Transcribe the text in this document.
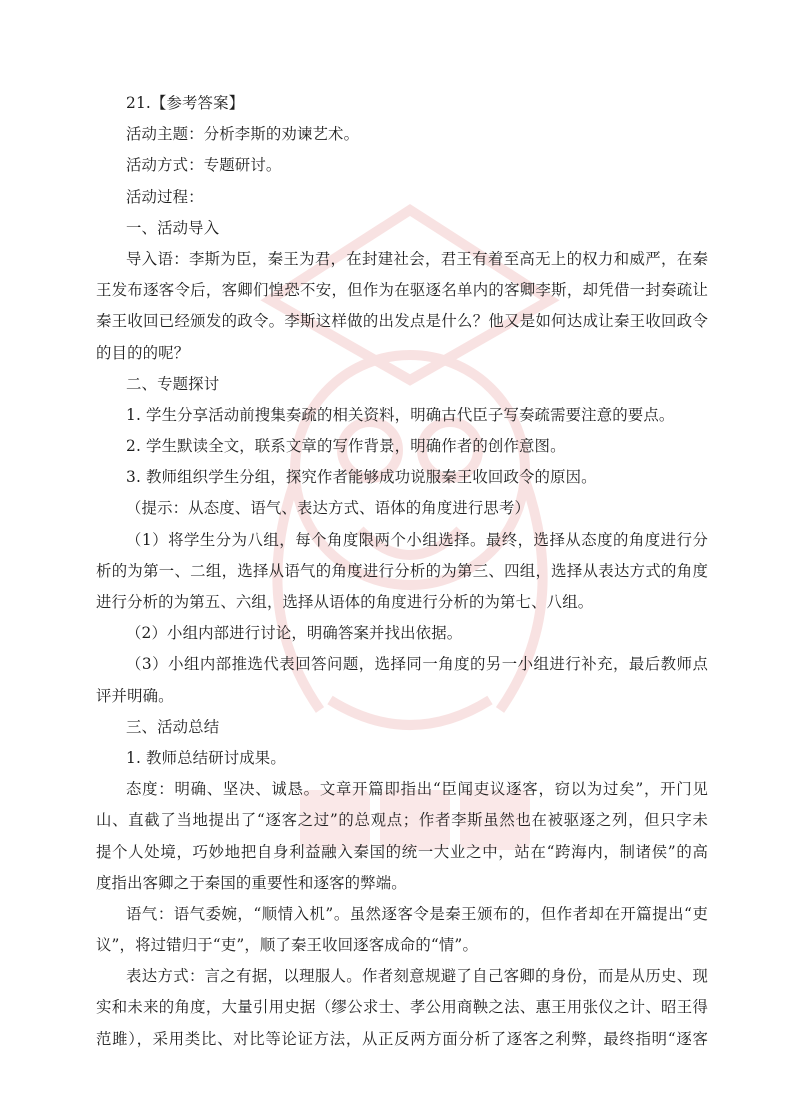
21.【参考答案】
活动主题：分析李斯的劝谏艺术。
活动方式：专题研讨。
活动过程：
一、活动导入
导入语：李斯为臣，秦王为君，在封建社会，君王有着至高无上的权力和威严，在秦
王发布逐客令后，客卿们惶恐不安，但作为在驱逐名单内的客卿李斯，却凭借一封奏疏让
秦王收回已经颁发的政令。李斯这样做的出发点是什么？他又是如何达成让秦王收回政令
的目的的呢？
二、专题探讨
1. 学生分享活动前搜集奏疏的相关资料，明确古代臣子写奏疏需要注意的要点。
2. 学生默读全文，联系文章的写作背景，明确作者的创作意图。
3. 教师组织学生分组，探究作者能够成功说服秦王收回政令的原因。
（提示：从态度、语气、表达方式、语体的角度进行思考）
（1）将学生分为八组，每个角度限两个小组选择。最终，选择从态度的角度进行分
析的为第一、二组，选择从语气的角度进行分析的为第三、四组，选择从表达方式的角度
进行分析的为第五、六组，选择从语体的角度进行分析的为第七、八组。
（2）小组内部进行讨论，明确答案并找出依据。
（3）小组内部推选代表回答问题，选择同一角度的另一小组进行补充，最后教师点
评并明确。
三、活动总结
1. 教师总结研讨成果。
态度：明确、坚决、诚恳。文章开篇即指出“臣闻吏议逐客，窃以为过矣”，开门见
山、直截了当地提出了“逐客之过”的总观点；作者李斯虽然也在被驱逐之列，但只字未
提个人处境，巧妙地把自身利益融入秦国的统一大业之中，站在“跨海内，制诸侯”的高
度指出客卿之于秦国的重要性和逐客的弊端。
语气：语气委婉，“顺情入机”。虽然逐客令是秦王颁布的，但作者却在开篇提出“吏
议”，将过错归于“吏”，顺了秦王收回逐客成命的“情”。
表达方式：言之有据，以理服人。作者刻意规避了自己客卿的身份，而是从历史、现
实和未来的角度，大量引用史据（缪公求士、孝公用商鞅之法、惠王用张仪之计、昭王得
范雎），采用类比、对比等论证方法，从正反两方面分析了逐客之利弊，最终指明“逐客
